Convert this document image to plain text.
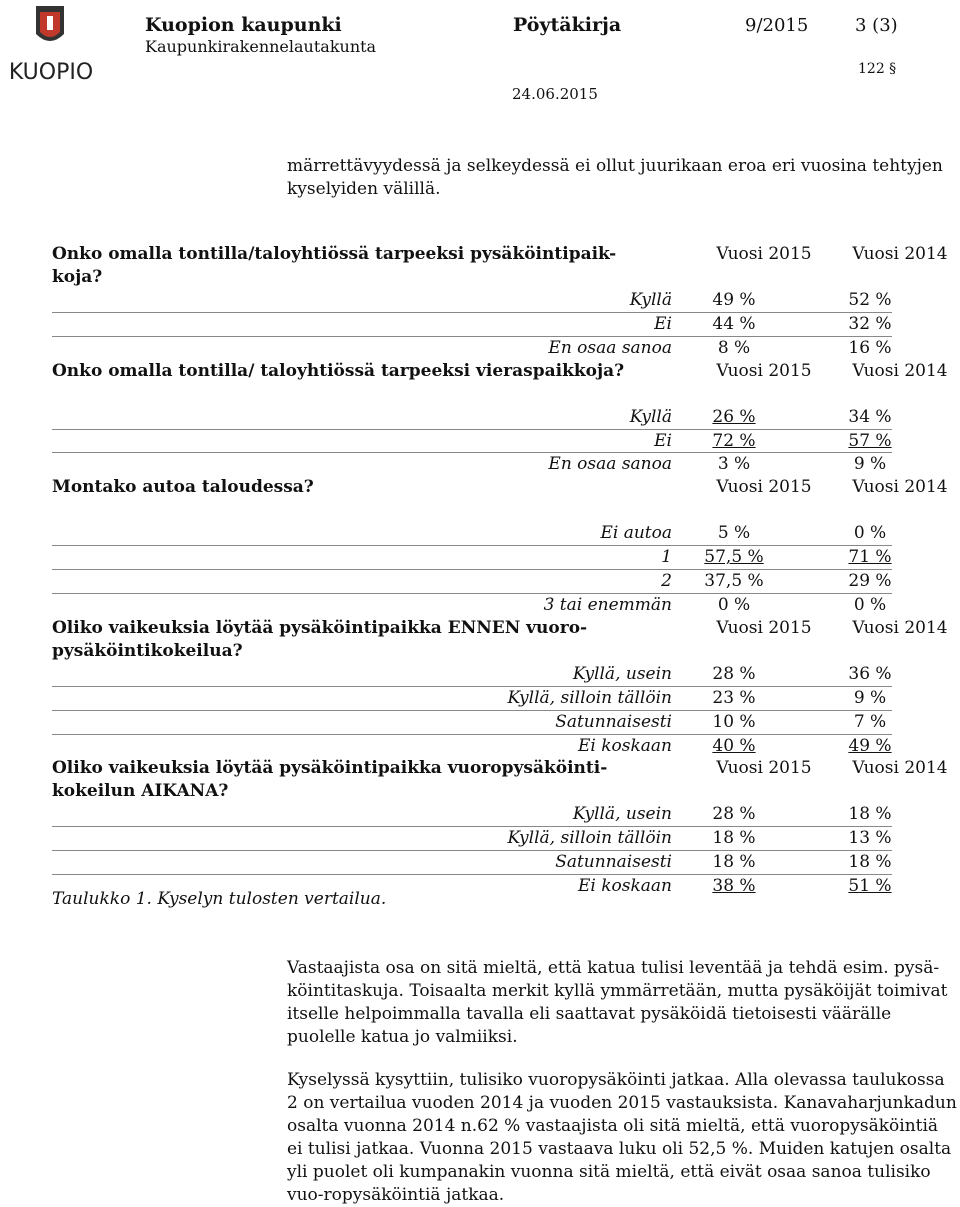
KUOPIO
Kuopion kaupunki
Kaupunkirakennelautakunta
Pöytäkirja	9/2015	3 (3)
122 §
24.06.2015
märrettävyydessä ja selkeydessä ei ollut juurikaan eroa eri vuosina tehtyjen kyselyiden välillä.
Onko omalla tontilla/taloyhtiössä tarpeeksi pysäköintipaik-koja?
Vuosi 2015	Vuosi 2014
Kyllä	49 %	52 %
Ei	44 %	32 %
En osaa sanoa	8 %	16 %
Onko omalla tontilla/ taloyhtiössä tarpeeksi vieraspaikkoja?	Vuosi 2015	Vuosi 2014
Kyllä	26 %	34 %
Ei	72 %	57 %
En osaa sanoa	3 %	9 %
Montako autoa taloudessa?	Vuosi 2015	Vuosi 2014
Ei autoa	5 %	0 %
1	57,5 %	71 %
2	37,5 %	29 %
3 tai enemmän	0 %	0 %
Oliko vaikeuksia löytää pysäköintipaikka ENNEN vuoro-pysäköintikokeilua?
Vuosi 2015	Vuosi 2014
Kyllä, usein	28 %	36 %
Kyllä, silloin tällöin	23 %	9 %
Satunnaisesti	10 %	7 %
Ei koskaan	40 %	49 %
Oliko vaikeuksia löytää pysäköintipaikka vuoropysäköinti-kokeilun AIKANA?
Vuosi 2015	Vuosi 2014
Kyllä, usein	28 %	18 %
Kyllä, silloin tällöin	18 %	13 %
Satunnaisesti	18 %	18 %
Ei koskaan	38 %	51 %
Taulukko 1. Kyselyn tulosten vertailua.
Vastaajista osa on sitä mieltä, että katua tulisi leventää ja tehdä esim. pysä-köintitaskuja. Toisaalta merkit kyllä ymmärretään, mutta pysäköijät toimivat itselle helpoimmalla tavalla eli saattavat pysäköidä tietoisesti väärälle puolelle katua jo valmiiksi.
Kyselyssä kysyttiin, tulisiko vuoropysäköinti jatkaa. Alla olevassa taulukossa 2 on vertailua vuoden 2014 ja vuoden 2015 vastauksista. Kanavaharjunkadun osalta vuonna 2014 n.62 % vastaajista oli sitä mieltä, että vuoropysäköintiä ei tulisi jatkaa. Vuonna 2015 vastaava luku oli 52,5 %. Muiden katujen osalta yli puolet oli kumpanakin vuonna sitä mieltä, että eivät osaa sanoa tulisiko vuo-ropysäköintiä jatkaa.
